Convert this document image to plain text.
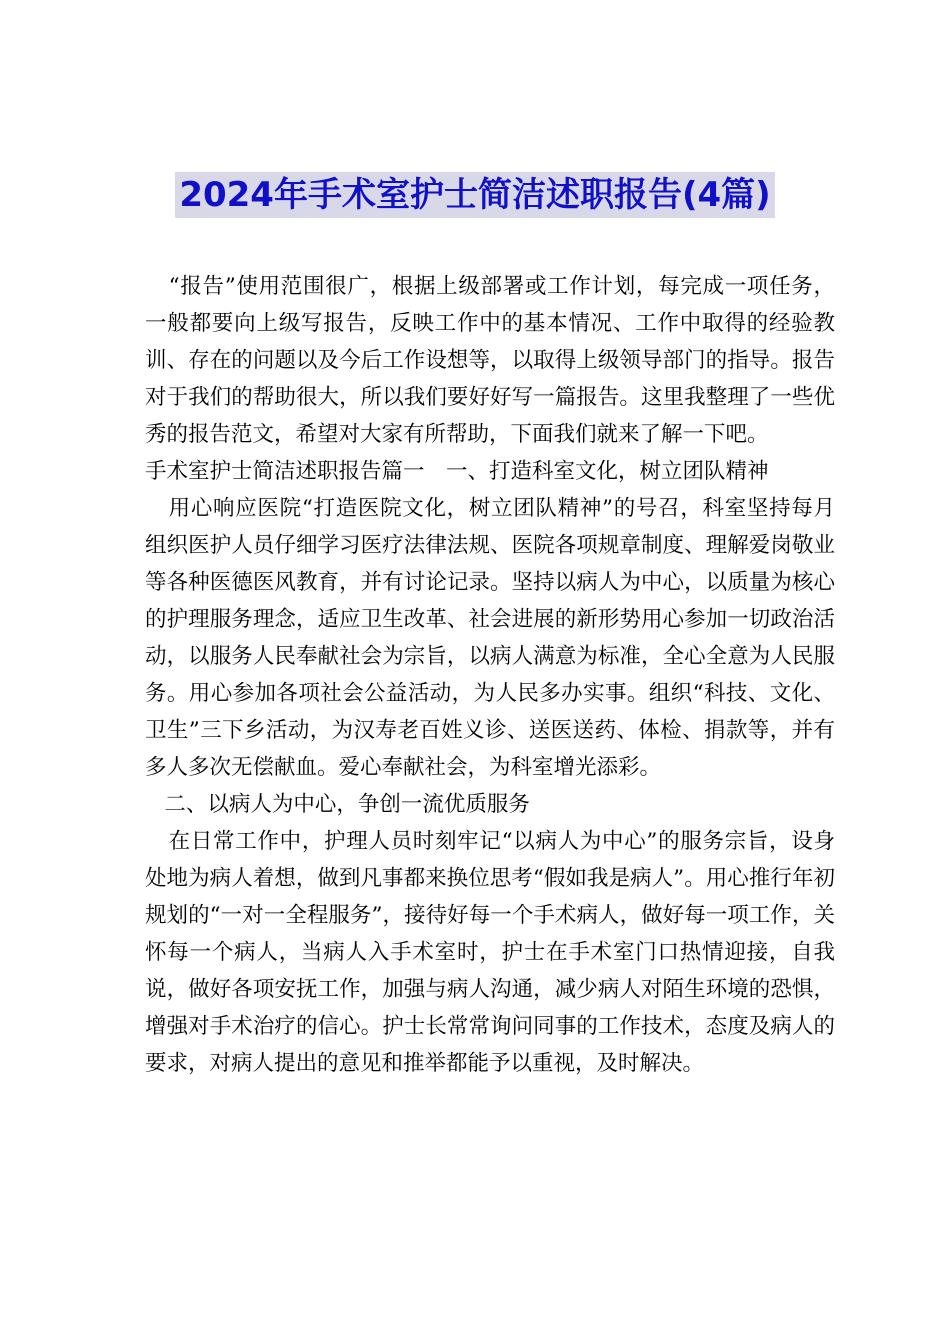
2024年手术室护士简洁述职报告(4篇)

“报告”使用范围很广，根据上级部署或工作计划，每完成一项任务，一般都要向上级写报告，反映工作中的基本情况、工作中取得的经验教训、存在的问题以及今后工作设想等，以取得上级领导部门的指导。报告对于我们的帮助很大，所以我们要好好写一篇报告。这里我整理了一些优秀的报告范文，希望对大家有所帮助，下面我们就来了解一下吧。

手术室护士简洁述职报告篇一　一、打造科室文化，树立团队精神

用心响应医院“打造医院文化，树立团队精神”的号召，科室坚持每月组织医护人员仔细学习医疗法律法规、医院各项规章制度、理解爱岗敬业等各种医德医风教育，并有讨论记录。坚持以病人为中心，以质量为核心的护理服务理念，适应卫生改革、社会进展的新形势用心参加一切政治活动，以服务人民奉献社会为宗旨，以病人满意为标准，全心全意为人民服务。用心参加各项社会公益活动，为人民多办实事。组织“科技、文化、卫生”三下乡活动，为汉寿老百姓义诊、送医送药、体检、捐款等，并有多人多次无偿献血。爱心奉献社会，为科室增光添彩。

二、以病人为中心，争创一流优质服务

在日常工作中，护理人员时刻牢记“以病人为中心”的服务宗旨，设身处地为病人着想，做到凡事都来换位思考“假如我是病人”。用心推行年初规划的“一对一全程服务”，接待好每一个手术病人，做好每一项工作，关怀每一个病人，当病人入手术室时，护士在手术室门口热情迎接，自我说，做好各项安抚工作，加强与病人沟通，减少病人对陌生环境的恐惧，增强对手术治疗的信心。护士长常常询问同事的工作技术，态度及病人的要求，对病人提出的意见和推举都能予以重视，及时解决。
